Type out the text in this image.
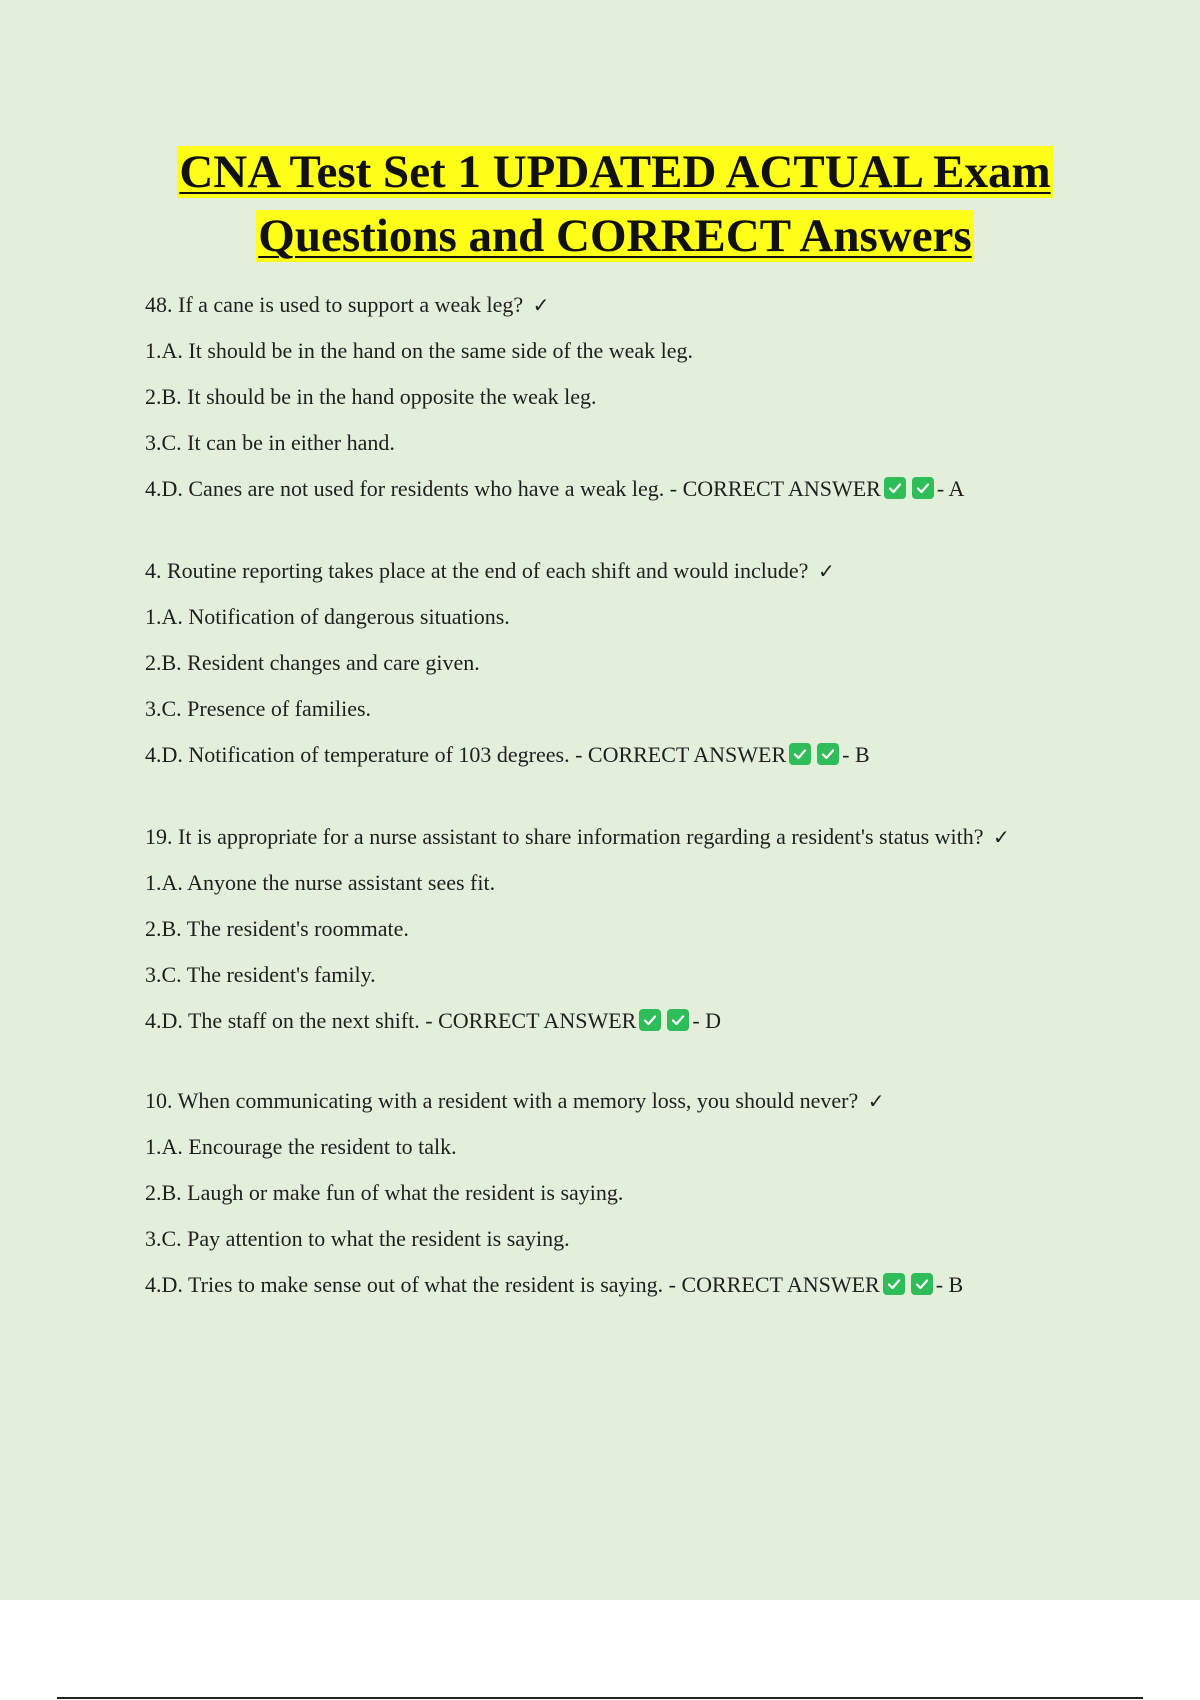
CNA Test Set 1 UPDATED ACTUAL Exam
Questions and CORRECT Answers
48. If a cane is used to support a weak leg? ✓
1.A. It should be in the hand on the same side of the weak leg.
2.B. It should be in the hand opposite the weak leg.
3.C. It can be in either hand.
4.D. Canes are not used for residents who have a weak leg. - CORRECT ANSWER	- A
4. Routine reporting takes place at the end of each shift and would include? ✓
1.A. Notification of dangerous situations.
2.B. Resident changes and care given.
3.C. Presence of families.
4.D. Notification of temperature of 103 degrees. - CORRECT ANSWER	- B
19. It is appropriate for a nurse assistant to share information regarding a resident's status with? ✓
1.A. Anyone the nurse assistant sees fit.
2.B. The resident's roommate.
3.C. The resident's family.
4.D. The staff on the next shift. - CORRECT ANSWER	- D
10. When communicating with a resident with a memory loss, you should never? ✓
1.A. Encourage the resident to talk.
2.B. Laugh or make fun of what the resident is saying.
3.C. Pay attention to what the resident is saying.
4.D. Tries to make sense out of what the resident is saying. - CORRECT ANSWER	- B
